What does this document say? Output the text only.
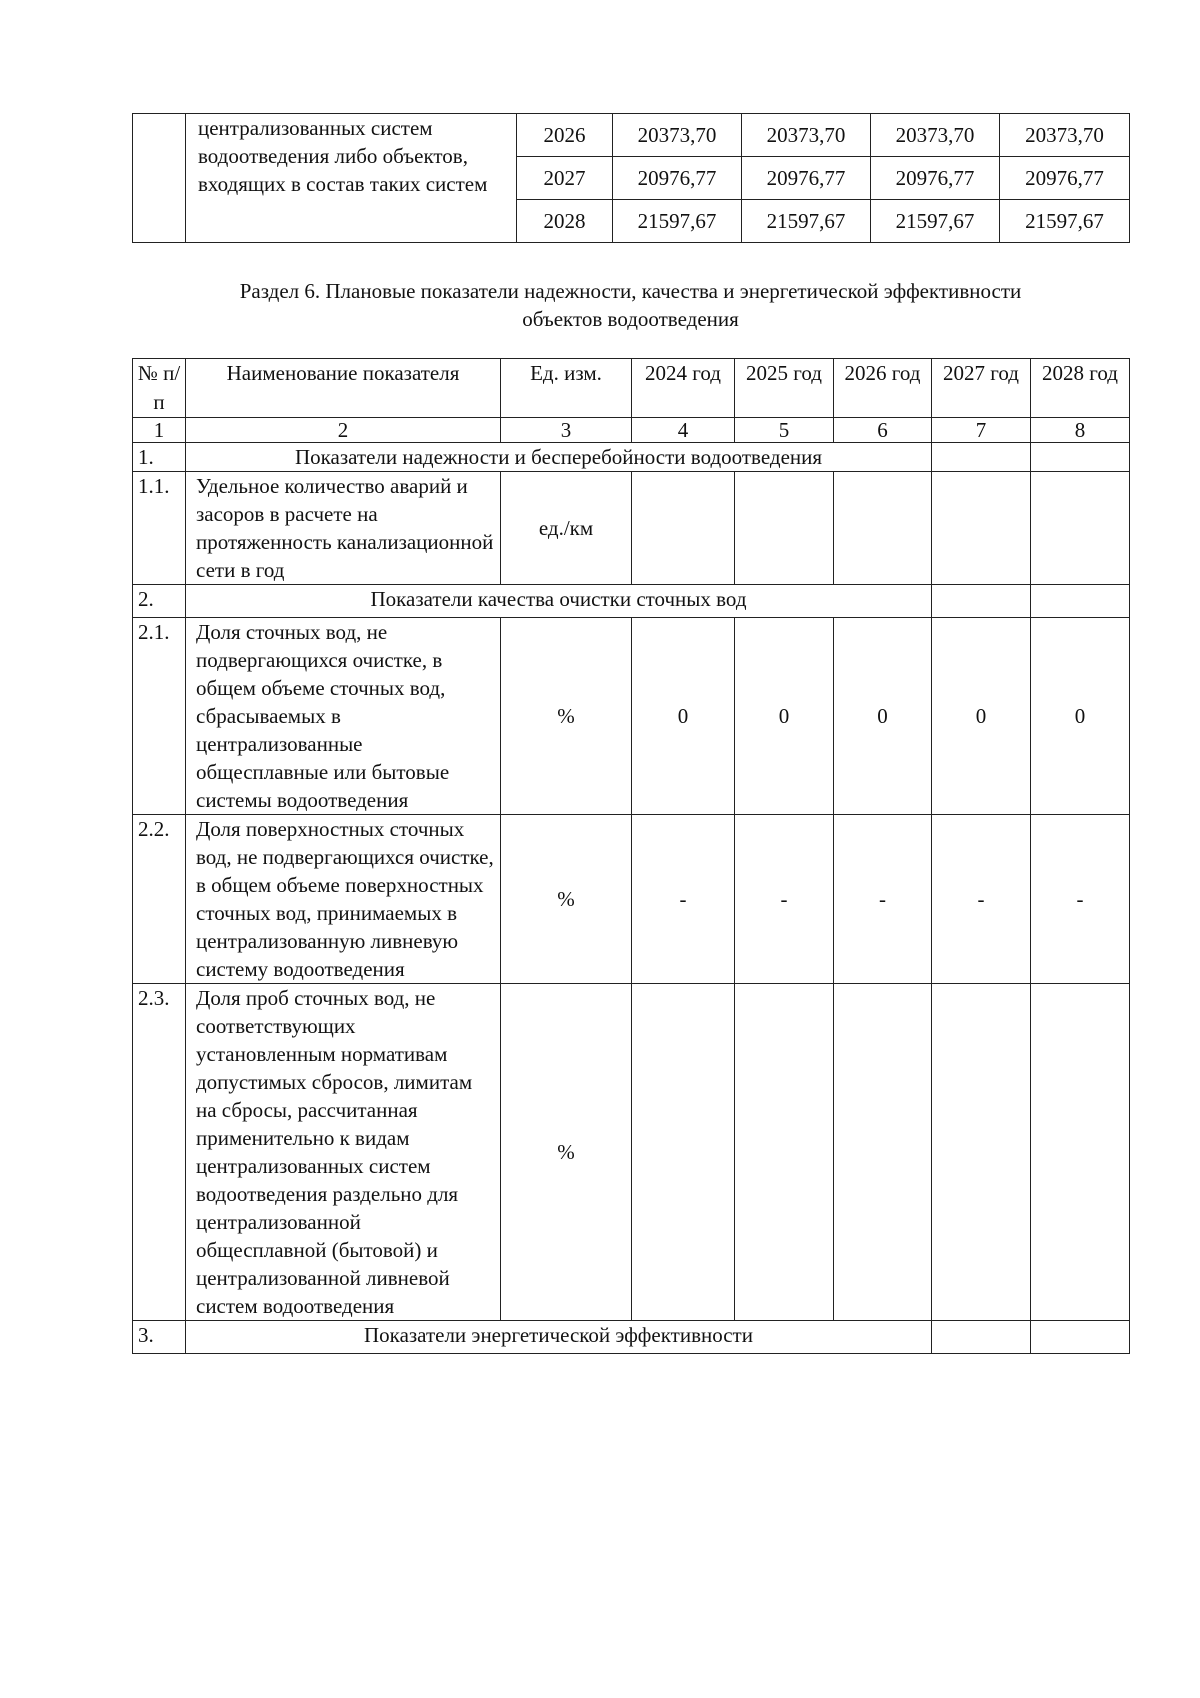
	централизованных систем водоотведения либо объектов, входящих в состав таких систем	2026	20373,70	20373,70	20373,70	20373,70
		2027	20976,77	20976,77	20976,77	20976,77
		2028	21597,67	21597,67	21597,67	21597,67
Раздел 6. Плановые показатели надежности, качества и энергетической эффективности
объектов водоотведения
№ п/п	Наименование показателя	Ед. изм.	2024 год	2025 год	2026 год	2027 год	2028 год
1	2	3	4	5	6	7	8
1.	Показатели надежности и бесперебойности водоотведения						
1.1.	Удельное количество аварий и засоров в расчете на протяженность канализационной сети в год	ед./км					
2.	Показатели качества очистки сточных вод						
2.1.	Доля сточных вод, не подвергающихся очистке, в общем объеме сточных вод, сбрасываемых в централизованные общесплавные или бытовые системы водоотведения	%	0	0	0	0	0
2.2.	Доля поверхностных сточных вод, не подвергающихся очистке, в общем объеме поверхностных сточных вод, принимаемых в централизованную ливневую систему водоотведения	%	-	-	-	-	-
2.3.	Доля проб сточных вод, не соответствующих установленным нормативам допустимых сбросов, лимитам на сбросы, рассчитанная применительно к видам централизованных систем водоотведения раздельно для централизованной общесплавной (бытовой) и централизованной ливневой систем водоотведения	%					
3.	Показатели энергетической эффективности						
